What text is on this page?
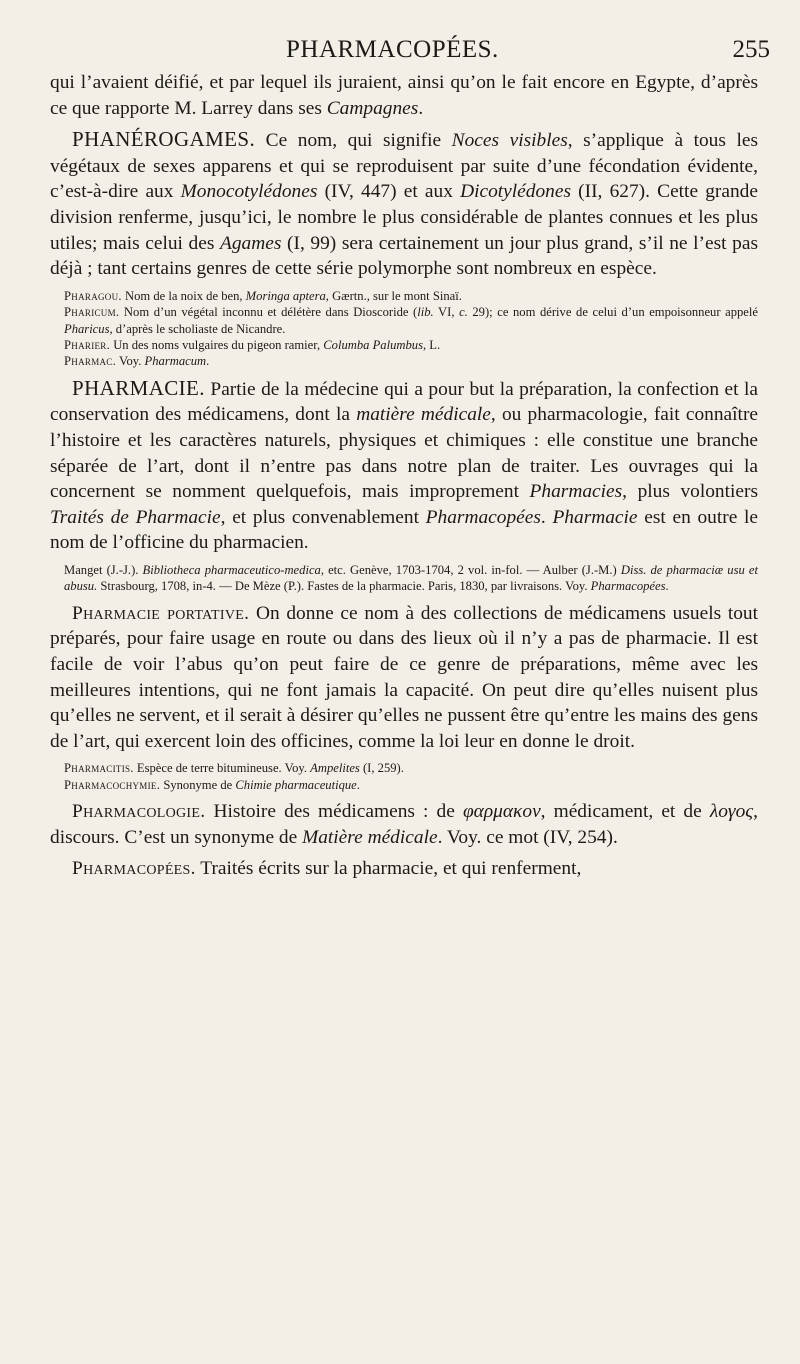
PHARMACOPÉES.	255

qui l’avaient déifié, et par lequel ils juraient, ainsi qu’on le fait encore en Egypte, d’après ce que rapporte M. Larrey dans ses Campagnes.

PHANÉROGAMES. Ce nom, qui signifie Noces visibles, s’applique à tous les végétaux de sexes apparens et qui se reproduisent par suite d’une fécondation évidente, c’est-à-dire aux Monocotylédones (IV, 447) et aux Dicotylédones (II, 627). Cette grande division renferme, jusqu’ici, le nombre le plus considérable de plantes connues et les plus utiles; mais celui des Agames (I, 99) sera certainement un jour plus grand, s’il ne l’est pas déjà ; tant certains genres de cette série polymorphe sont nombreux en espèce.

Pharagou. Nom de la noix de ben, Moringa aptera, Gærtn., sur le mont Sinaï.

Pharicum. Nom d’un végétal inconnu et délétère dans Dioscoride (lib. VI, c. 29); ce nom dérive de celui d’un empoisonneur appelé Pharicus, d’après le scholiaste de Nicandre.

Pharier. Un des noms vulgaires du pigeon ramier, Columba Palumbus, L.

Pharmac. Voy. Pharmacum.

PHARMACIE. Partie de la médecine qui a pour but la préparation, la confection et la conservation des médicamens, dont la matière médicale, ou pharmacologie, fait connaître l’histoire et les caractères naturels, physiques et chimiques : elle constitue une branche séparée de l’art, dont il n’entre pas dans notre plan de traiter. Les ouvrages qui la concernent se nomment quelquefois, mais improprement Pharmacies, plus volontiers Traités de Pharmacie, et plus convenablement Pharmacopées. Pharmacie est en outre le nom de l’officine du pharmacien.

Manget (J.-J.). Bibliotheca pharmaceutico-medica, etc. Genève, 1703-1704, 2 vol. in-fol. — Aulber (J.-M.) Diss. de pharmaciæ usu et abusu. Strasbourg, 1708, in-4. — De Mèze (P.). Fastes de la pharmacie. Paris, 1830, par livraisons. Voy. Pharmacopées.

Pharmacie portative. On donne ce nom à des collections de médicamens usuels tout préparés, pour faire usage en route ou dans des lieux où il n’y a pas de pharmacie. Il est facile de voir l’abus qu’on peut faire de ce genre de préparations, même avec les meilleures intentions, qui ne font jamais la capacité. On peut dire qu’elles nuisent plus qu’elles ne servent, et il serait à désirer qu’elles ne pussent être qu’entre les mains des gens de l’art, qui exercent loin des officines, comme la loi leur en donne le droit.

Pharmacitis. Espèce de terre bitumineuse. Voy. Ampelites (I, 259).

Pharmacochymie. Synonyme de Chimie pharmaceutique.

Pharmacologie. Histoire des médicamens : de φαρμακον, médicament, et de λογος, discours. C’est un synonyme de Matière médicale. Voy. ce mot (IV, 254).

Pharmacopées. Traités écrits sur la pharmacie, et qui renferment,
